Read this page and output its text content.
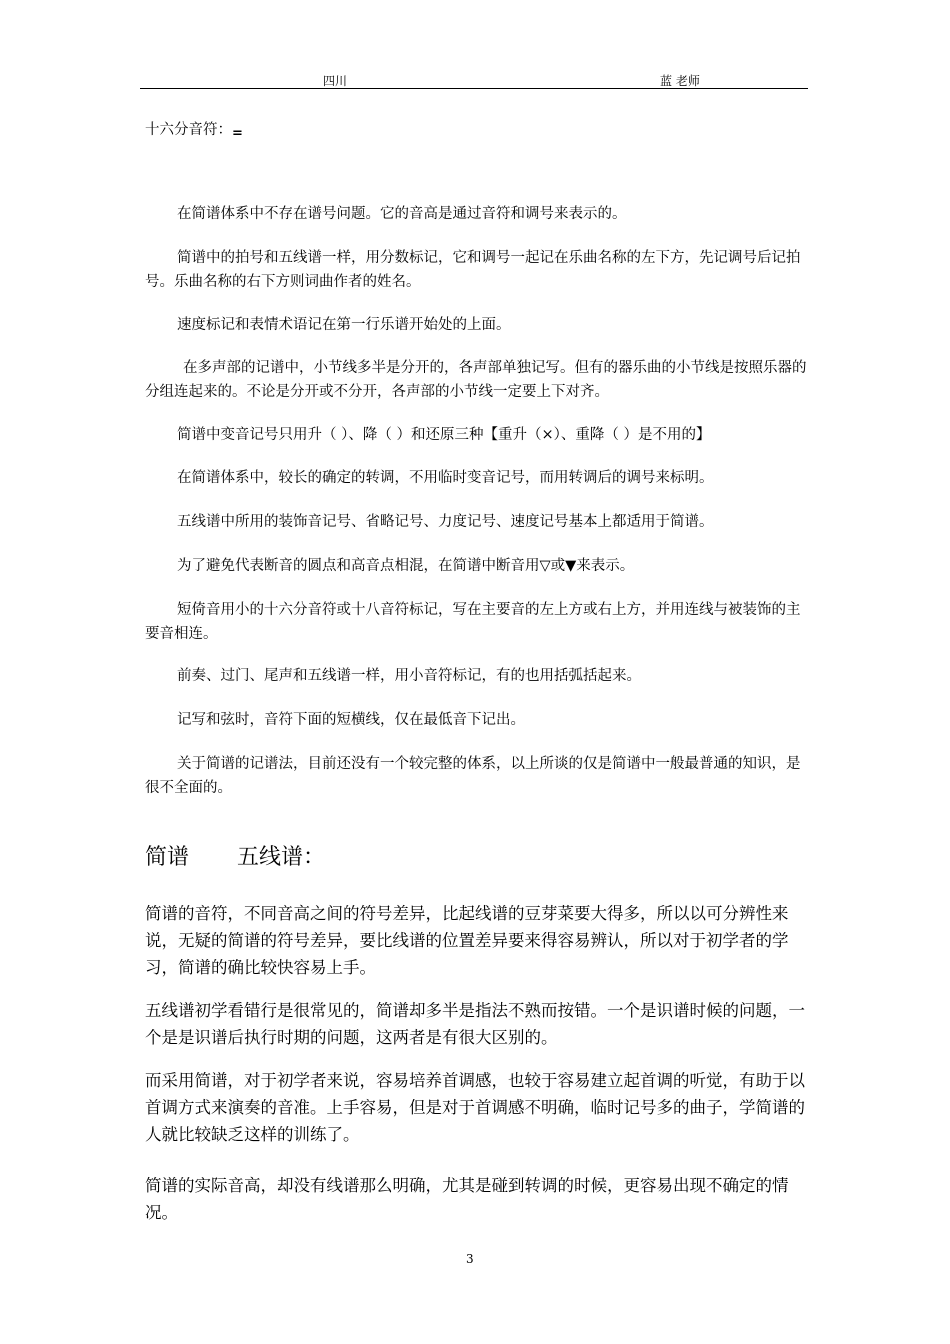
四川	蓝 老师
十六分音符：=
在简谱体系中不存在谱号问题。它的音高是通过音符和调号来表示的。
简谱中的拍号和五线谱一样，用分数标记，它和调号一起记在乐曲名称的左下方，先记调号后记拍号。乐曲名称的右下方则词曲作者的姓名。
速度标记和表情术语记在第一行乐谱开始处的上面。
在多声部的记谱中，小节线多半是分开的，各声部单独记写。但有的器乐曲的小节线是按照乐器的分组连起来的。不论是分开或不分开，各声部的小节线一定要上下对齐。
简谱中变音记号只用升（ ）、降（ ）和还原三种【重升（×）、重降（ ）是不用的】
在简谱体系中，较长的确定的转调，不用临时变音记号，而用转调后的调号来标明。
五线谱中所用的装饰音记号、省略记号、力度记号、速度记号基本上都适用于简谱。
为了避免代表断音的圆点和高音点相混，在简谱中断音用▽或▼来表示。
短倚音用小的十六分音符或十八音符标记，写在主要音的左上方或右上方，并用连线与被装饰的主要音相连。
前奏、过门、尾声和五线谱一样，用小音符标记，有的也用括弧括起来。
记写和弦时，音符下面的短横线，仅在最低音下记出。
关于简谱的记谱法，目前还没有一个较完整的体系，以上所谈的仅是简谱中一般最普通的知识，是很不全面的。
简谱 五线谱：
简谱的音符，不同音高之间的符号差异，比起线谱的豆芽菜要大得多，所以以可分辨性来说，无疑的简谱的符号差异，要比线谱的位置差异要来得容易辨认，所以对于初学者的学习，简谱的确比较快容易上手。
五线谱初学看错行是很常见的，简谱却多半是指法不熟而按错。一个是识谱时候的问题，一个是是识谱后执行时期的问题，这两者是有很大区别的。
而采用简谱，对于初学者来说，容易培养首调感，也较于容易建立起首调的听觉，有助于以首调方式来演奏的音准。上手容易，但是对于首调感不明确，临时记号多的曲子，学简谱的人就比较缺乏这样的训练了。
简谱的实际音高，却没有线谱那么明确，尤其是碰到转调的时候，更容易出现不确定的情况。
3
